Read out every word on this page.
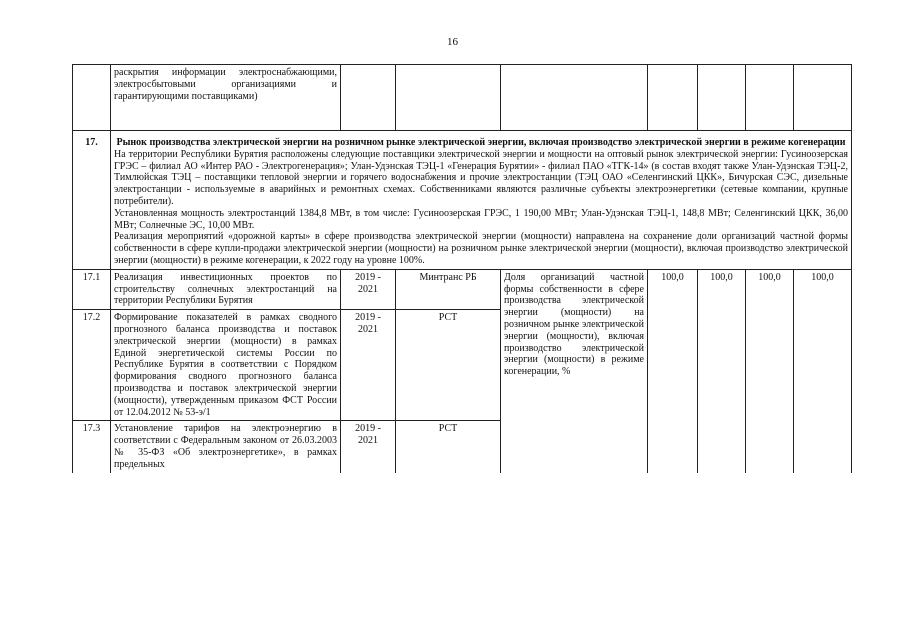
16
	раскрытия информации электроснабжающими, электросбытовыми организациями и гарантирующими поставщиками)							
17.	Рынок производства электрической энергии на розничном рынке электрической энергии, включая производство электрической энергии в режиме когенерации
На территории Республики Бурятия расположены следующие поставщики электрической энергии и мощности на оптовый рынок электрической энергии: Гусиноозерская ГРЭС – филиал АО «Интер РАО - Электрогенерация»; Улан-Удэнская ТЭЦ-1 «Генерация Бурятии» - филиал ПАО «ТГК-14» (в состав входят также Улан-Удэнская ТЭЦ-2, Тимлюйская ТЭЦ – поставщики тепловой энергии и горячего водоснабжения и прочие электростанции (ТЭЦ ОАО «Селенгинский ЦКК», Бичурская СЭС, дизельные электростанции - используемые в аварийных и ремонтных схемах. Собственниками являются различные субъекты электроэнергетики (сетевые компании, крупные потребители).
Установленная мощность электростанций 1384,8 МВт, в том числе: Гусиноозерская ГРЭС, 1 190,00 МВт; Улан-Удэнская ТЭЦ-1, 148,8 МВт; Селенгинский ЦКК, 36,00 МВт; Солнечные ЭС, 10,00 МВт.
Реализация мероприятий «дорожной карты» в сфере производства электрической энергии (мощности) направлена на сохранение доли организаций частной формы собственности в сфере купли-продажи электрической энергии (мощности) на розничном рынке электрической энергии (мощности), включая производство электрической энергии (мощности) в режиме когенерации, к 2022 году на уровне 100%.							

17.1	Реализация инвестиционных проектов по строительству солнечных электростанций на территории Республики Бурятия	2019 - 2021	Минтранс РБ	Доля организаций частной формы собственности в сфере производства электрической энергии (мощности) на розничном рынке электрической энергии (мощности), включая производство электрической энергии (мощности) в режиме когенерации, %	100,0	100,0	100,0	100,0
17.2	Формирование показателей в рамках сводного прогнозного баланса производства и поставок электрической энергии (мощности) в рамках Единой энергетической системы России по Республике Бурятия в соответствии с Порядком формирования сводного прогнозного баланса производства и поставок электрической энергии (мощности), утвержденным приказом ФСТ России от 12.04.2012 № 53-э/1	2019 - 2021	РСТ					
17.3	Установление тарифов на электроэнергию в соответствии с Федеральным законом от 26.03.2003 № 35-ФЗ «Об электроэнергетике», в рамках предельных	2019 - 2021	РСТ					
